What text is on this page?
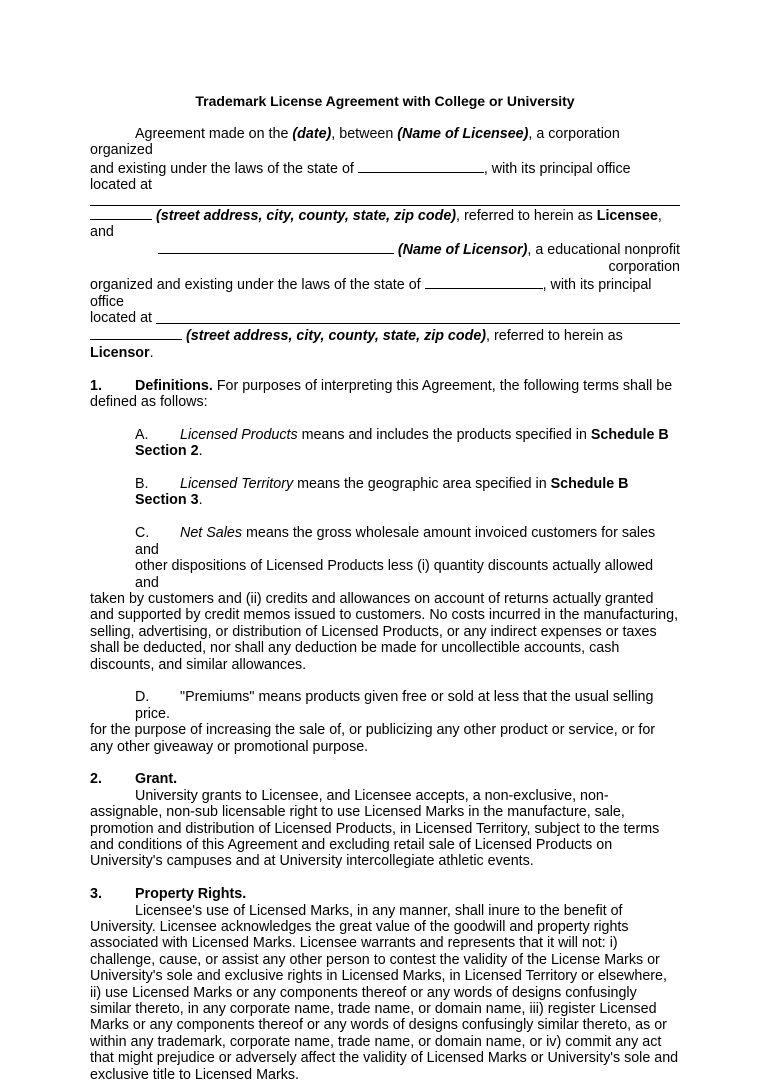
Trademark License Agreement with College or University

Agreement made on the (date), between (Name of Licensee), a corporation organized

and existing under the laws of the state of	, with its principal office located at

(street address, city, county, state, zip code), referred to herein as Licensee, and

(Name of Licensor), a educational nonprofit corporation

organized and existing under the laws of the state of	, with its principal office

located at

(street address, city, county, state, zip code), referred to herein as Licensor.

1. Definitions. For purposes of interpreting this Agreement, the following terms shall be defined as follows:

A. Licensed Products means and includes the products specified in Schedule B Section 2.

B. Licensed Territory means the geographic area specified in Schedule B Section 3.

C. Net Sales means the gross wholesale amount invoiced customers for sales and

other dispositions of Licensed Products less (i) quantity discounts actually allowed and

taken by customers and (ii) credits and allowances on account of returns actually granted and supported by credit memos issued to customers. No costs incurred in the manufacturing, selling, advertising, or distribution of Licensed Products, or any indirect expenses or taxes shall be deducted, nor shall any deduction be made for uncollectible accounts, cash discounts, and similar allowances.

D. "Premiums" means products given free or sold at less that the usual selling price.

for the purpose of increasing the sale of, or publicizing any other product or service, or for any other giveaway or promotional purpose.

2. Grant.

University grants to Licensee, and Licensee accepts, a non-exclusive, non-assignable, non-sub licensable right to use Licensed Marks in the manufacture, sale, promotion and distribution of Licensed Products, in Licensed Territory, subject to the terms and conditions of this Agreement and excluding retail sale of Licensed Products on University's campuses and at University intercollegiate athletic events.

3. Property Rights.

Licensee's use of Licensed Marks, in any manner, shall inure to the benefit of University. Licensee acknowledges the great value of the goodwill and property rights associated with Licensed Marks. Licensee warrants and represents that it will not: i) challenge, cause, or assist any other person to contest the validity of the License Marks or University's sole and exclusive rights in Licensed Marks, in Licensed Territory or elsewhere, ii) use Licensed Marks or any components thereof or any words of designs confusingly similar thereto, in any corporate name, trade name, or domain name, iii) register Licensed Marks or any components thereof or any words of designs confusingly similar thereto, as or within any trademark, corporate name, trade name, or domain name, or iv) commit any act that might prejudice or adversely affect the validity of Licensed Marks or University's sole and exclusive title to Licensed Marks.
